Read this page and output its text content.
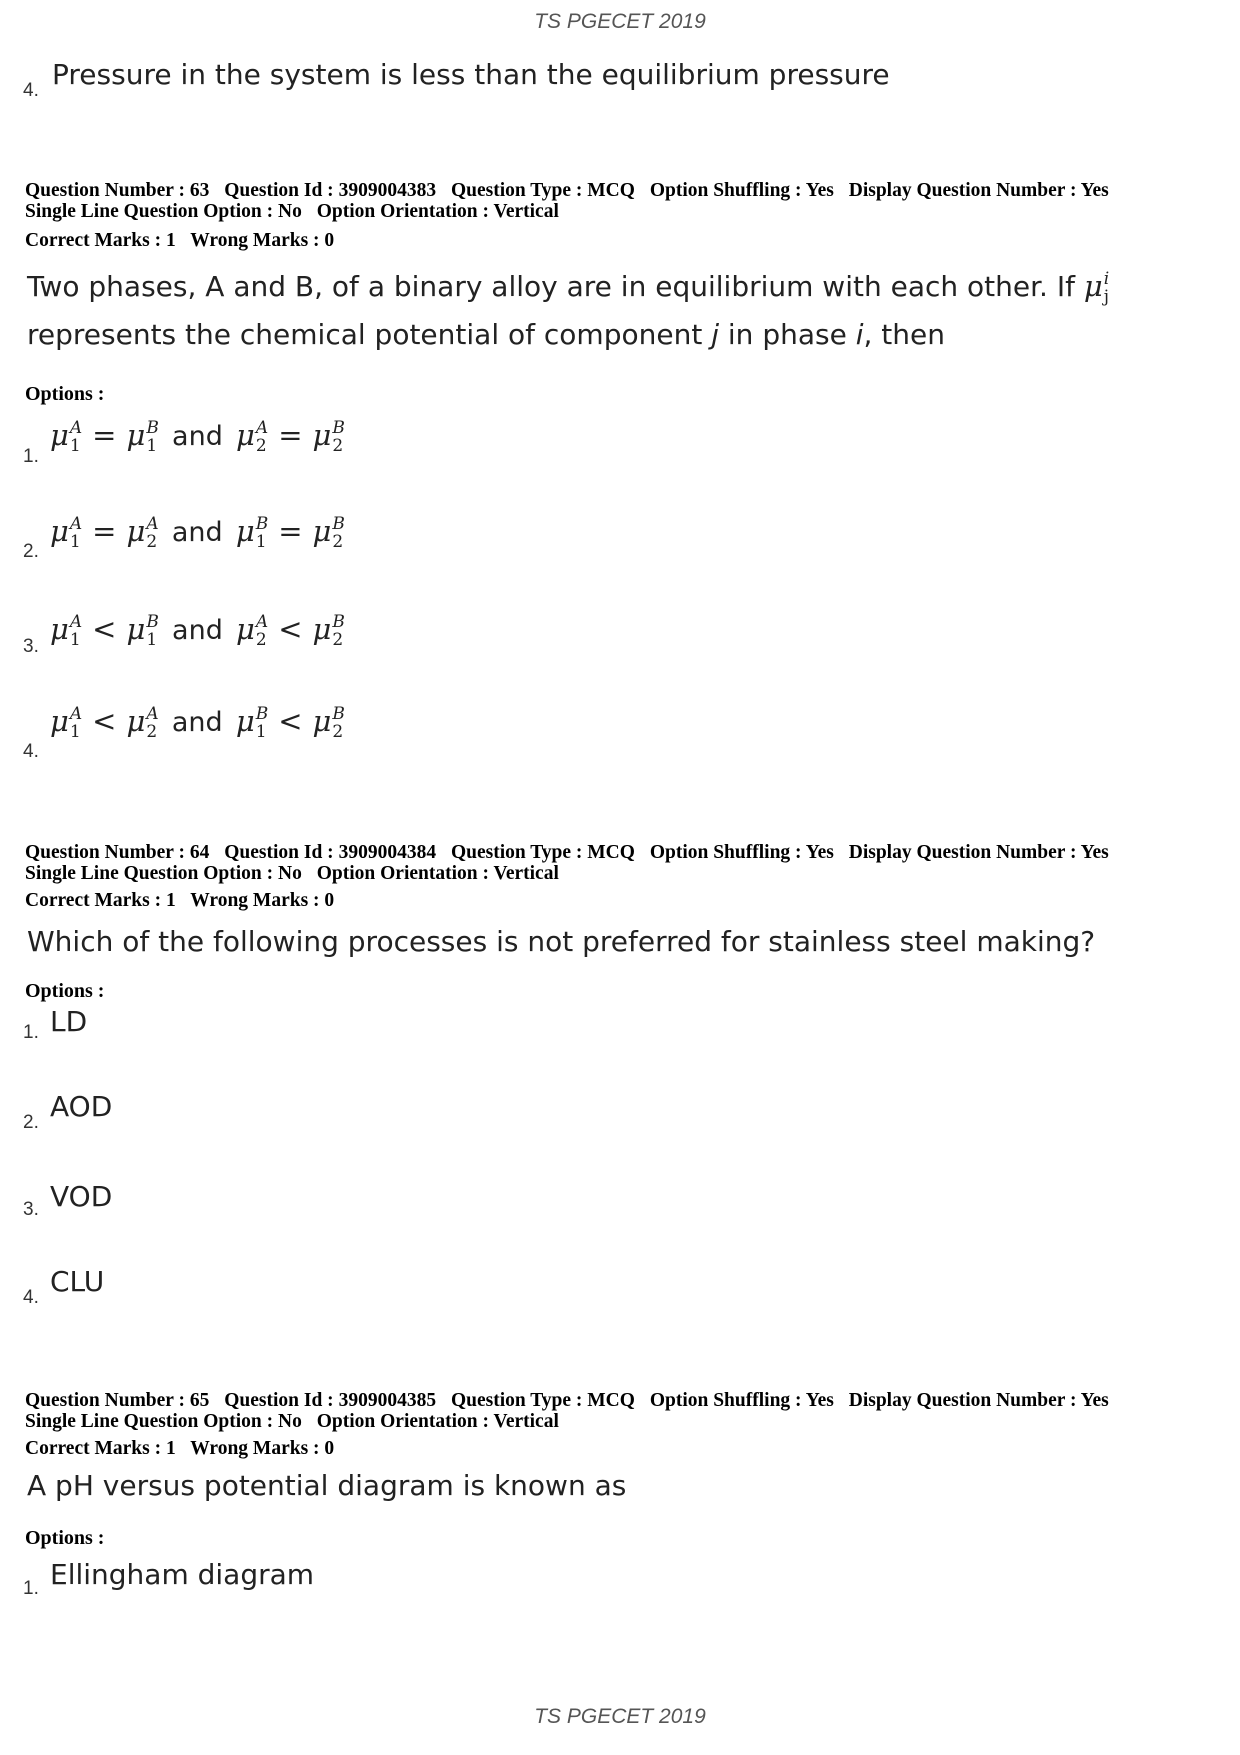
TS PGECET 2019
4. Pressure in the system is less than the equilibrium pressure
Question Number : 63 Question Id : 3909004383 Question Type : MCQ Option Shuffling : Yes Display Question Number : Yes
Single Line Question Option : No Option Orientation : Vertical
Correct Marks : 1 Wrong Marks : 0
Two phases, A and B, of a binary alloy are in equilibrium with each other. If μ i
j
represents the chemical potential of component j in phase i, then
Options :
1.
μ A
1 = μ B
1 and μ A
2 = μ B
2
2.
μ A
1 = μ A
2 and μ B
1 = μ B
2
3.
μ A
1 < μ B
1 and μ A
2 < μ B
2
4.
μ A
1 < μ A
2 and μ B
1 < μ B
2
Question Number : 64 Question Id : 3909004384 Question Type : MCQ Option Shuffling : Yes Display Question Number : Yes
Single Line Question Option : No Option Orientation : Vertical
Correct Marks : 1 Wrong Marks : 0
Which of the following processes is not preferred for stainless steel making?
Options :
1. LD
2. AOD
3. VOD
4. CLU
Question Number : 65 Question Id : 3909004385 Question Type : MCQ Option Shuffling : Yes Display Question Number : Yes
Single Line Question Option : No Option Orientation : Vertical
Correct Marks : 1 Wrong Marks : 0
A pH versus potential diagram is known as
Options :
1. Ellingham diagram
TS PGECET 2019
